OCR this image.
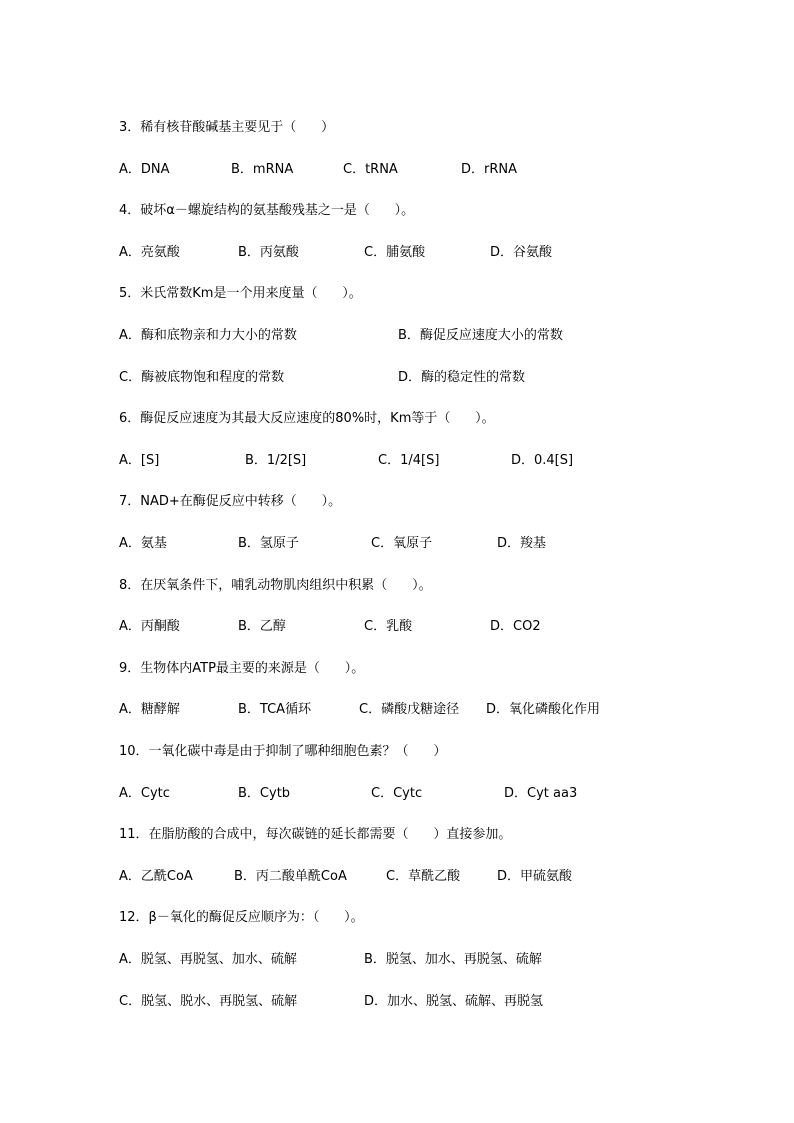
3．稀有核苷酸碱基主要见于（      ）
A．DNA	B．mRNA	C．tRNA	D．rRNA
4．破坏α－螺旋结构的氨基酸残基之一是（      ）。
A．亮氨酸	B．丙氨酸	C．脯氨酸	D．谷氨酸
5．米氏常数Km是一个用来度量（      ）。
A．酶和底物亲和力大小的常数	B．酶促反应速度大小的常数
C．酶被底物饱和程度的常数	D．酶的稳定性的常数
6．酶促反应速度为其最大反应速度的80%时，Km等于（      ）。
A．[S]	B．1/2[S]	C．1/4[S]	D．0.4[S]
7．NAD+在酶促反应中转移（      ）。
A．氨基	B．氢原子	C．氧原子	D．羧基
8．在厌氧条件下，哺乳动物肌肉组织中积累（      ）。
A．丙酮酸	B．乙醇	C．乳酸	D．CO2
9．生物体内ATP最主要的来源是（      ）。
A．糖酵解	B．TCA循环	C．磷酸戊糖途径 D．氧化磷酸化作用
10．一氧化碳中毒是由于抑制了哪种细胞色素？（      ）
A．Cytc	B．Cytb	C．Cytc	D．Cyt aa3
11．在脂肪酸的合成中，每次碳链的延长都需要（      ）直接参加。
A．乙酰CoA	B．丙二酸单酰CoA	C．草酰乙酸	D．甲硫氨酸
12．β－氧化的酶促反应顺序为：（      ）。
A．脱氢、再脱氢、加水、硫解	B．脱氢、加水、再脱氢、硫解
C．脱氢、脱水、再脱氢、硫解	D．加水、脱氢、硫解、再脱氢
